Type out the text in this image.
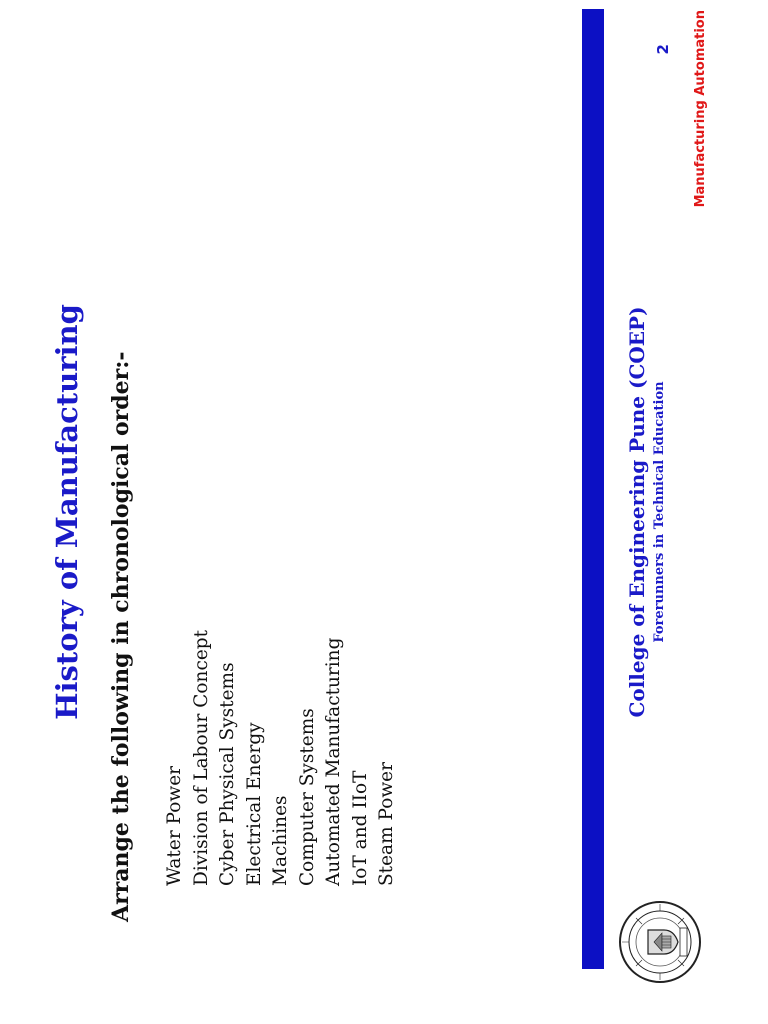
History of Manufacturing Arrange the following in chronological order:- Water Power Division of Labour Concept Cyber Physical Systems Electrical Energy Machines Computer Systems Automated Manufacturing IoT and IIoT Steam Power
College of Engineering Pune (COEP) Forerunners in Technical Education
2 Manufacturing Automation
